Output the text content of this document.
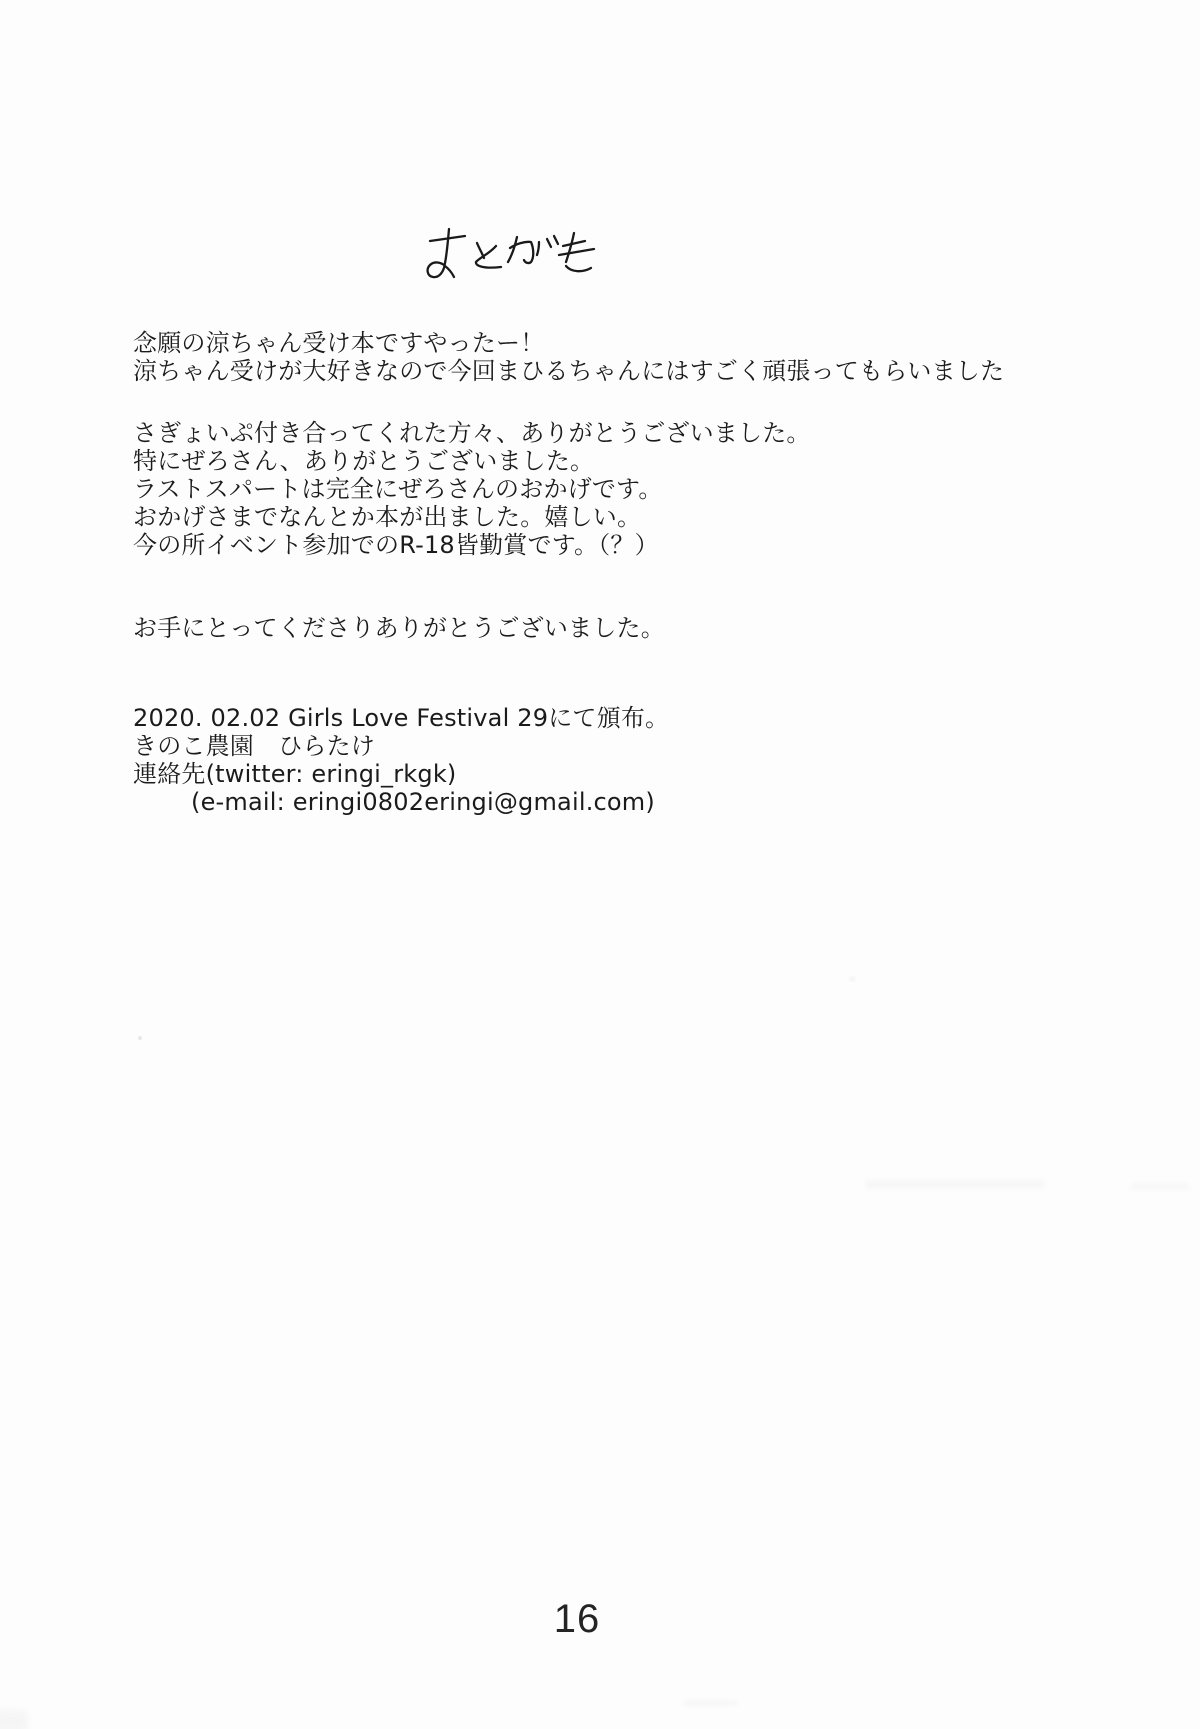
念願の涼ちゃん受け本ですやったー！
涼ちゃん受けが大好きなので今回まひるちゃんにはすごく頑張ってもらいました
さぎょいぷ付き合ってくれた方々、ありがとうございました。
特にぜろさん、ありがとうございました。
ラストスパートは完全にぜろさんのおかげです。
おかげさまでなんとか本が出ました。嬉しい。
今の所イベント参加でのR-18皆勤賞です。（？）
お手にとってくださりありがとうございました。
2020. 02.02 Girls Love Festival 29にて頒布。
きのこ農園　ひらたけ
連絡先(twitter: eringi_rkgk)
(e-mail: eringi0802eringi@gmail.com)
16
